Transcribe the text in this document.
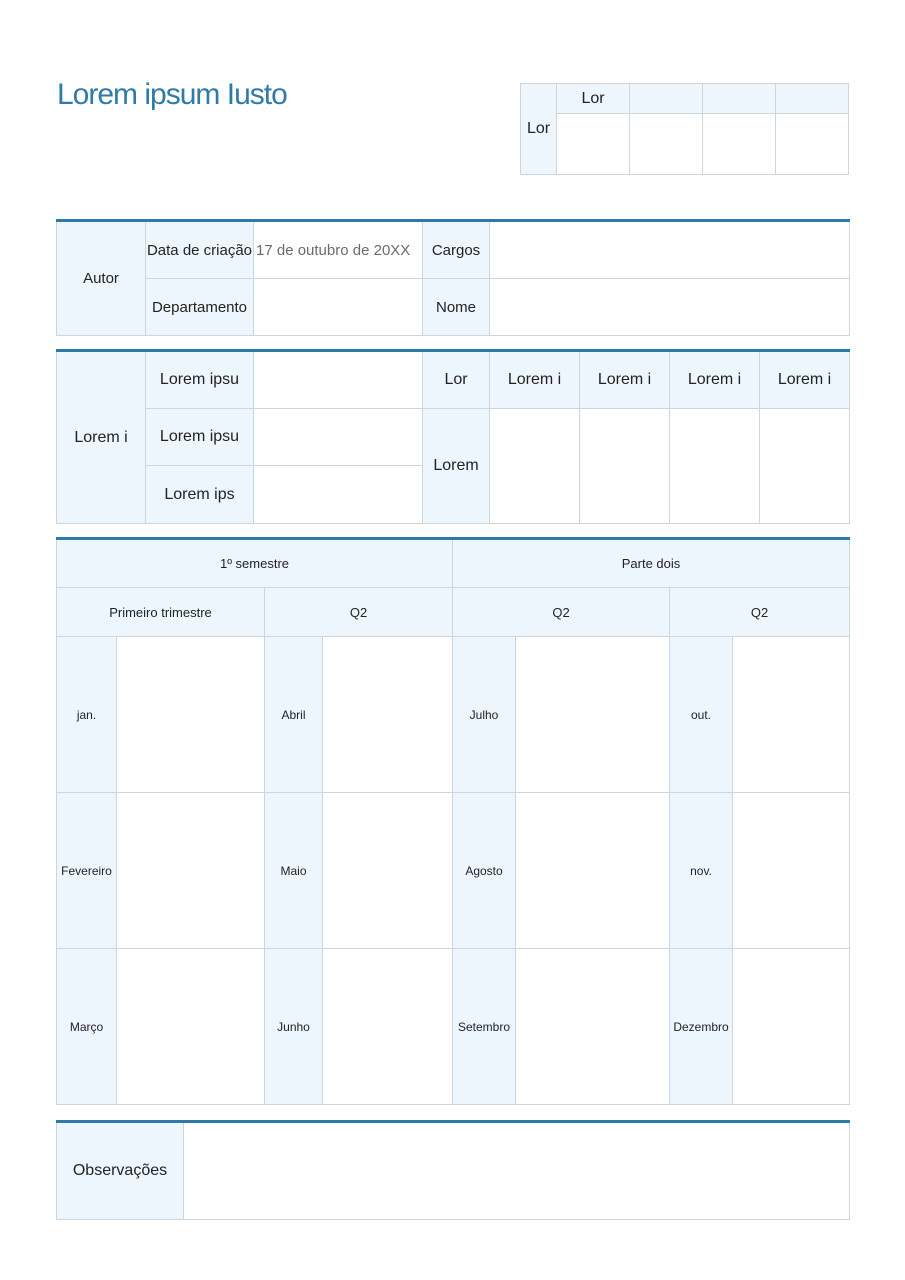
Lorem ipsum Iusto
Lor	Lor			

Autor	Data de criação	17 de outubro de 20XX	Cargos	
	Departamento		Nome	
Lorem i	Lorem ipsu		Lor	Lorem i	Lorem i	Lorem i	Lorem i
	Lorem ipsu		Lorem				
	Lorem ips						
1º semestre				Parte dois			
Primeiro trimestre		Q2		Q2		Q2	
jan.		Abril		Julho		out.	
Fevereiro		Maio		Agosto		nov.	
Março		Junho		Setembro		Dezembro	
Observações	
